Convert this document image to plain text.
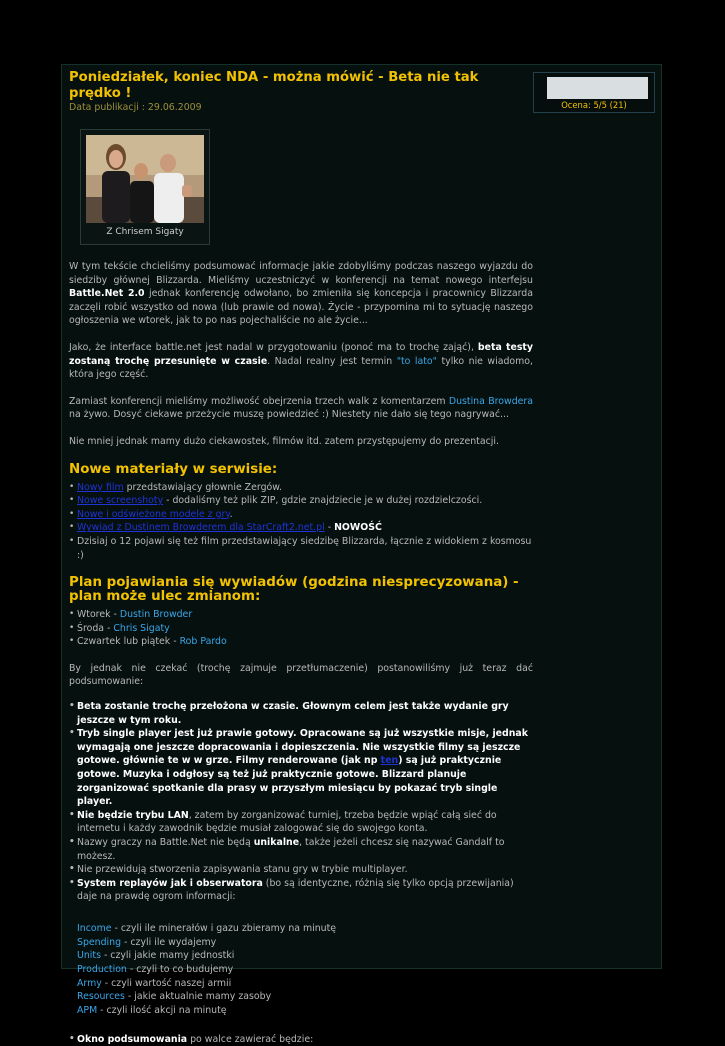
Ocena: 5/5 (21)
Poniedziałek, koniec NDA - można mówić - Beta nie tak prędko !

Data publikacji : 29.06.2009

Z Chrisem Sigaty

W tym tekście chcieliśmy podsumować informacje jakie zdobyliśmy podczas naszego wyjazdu do siedziby głównej Blizzarda. Mieliśmy uczestniczyć w konferencji na temat nowego interfejsu Battle.Net 2.0 jednak konferencję odwołano, bo zmieniła się koncepcja i pracownicy Blizzarda zaczęli robić wszystko od nowa (lub prawie od nowa). Życie - przypomina mi to sytuację naszego ogłoszenia we wtorek, jak to po nas pojechaliście no ale życie...

Jako, że interface battle.net jest nadal w przygotowaniu (ponoć ma to trochę zająć), beta testy zostaną trochę przesunięte w czasie. Nadal realny jest termin "to lato" tylko nie wiadomo, która jego część.

Zamiast konferencji mieliśmy możliwość obejrzenia trzech walk z komentarzem Dustina Browdera na żywo. Dosyć ciekawe przeżycie muszę powiedzieć :) Niestety nie dało się tego nagrywać...

Nie mniej jednak mamy dużo ciekawostek, filmów itd. zatem przystępujemy do prezentacji.

Nowe materiały w serwisie:
• Nowy film przedstawiający głownie Zergów.
• Nowe screenshoty - dodaliśmy też plik ZIP, gdzie znajdziecie je w dużej rozdzielczości.
• Nowe i odświeżone modele z gry.
• Wywiad z Dustinem Browderem dla StarCraft2.net.pl - NOWOŚĆ
• Dzisiaj o 12 pojawi się też film przedstawiający siedzibę Blizzarda, łącznie z widokiem z kosmosu :)
Plan pojawiania się wywiadów (godzina niesprecyzowana) - plan może ulec zmianom:
• Wtorek - Dustin Browder
• Środa - Chris Sigaty
• Czwartek lub piątek - Rob Pardo

By jednak nie czekać (trochę zajmuje przetłumaczenie) postanowiliśmy już teraz dać podsumowanie:

• Beta zostanie trochę przełożona w czasie. Głownym celem jest także wydanie gry jeszcze w tym roku.
• Tryb single player jest już prawie gotowy. Opracowane są już wszystkie misje, jednak wymagają one jeszcze dopracowania i dopieszczenia. Nie wszystkie filmy są jeszcze gotowe. głównie te w w grze. Filmy renderowane (jak np ten) są już praktycznie gotowe. Muzyka i odgłosy są też już praktycznie gotowe. Blizzard planuje zorganizować spotkanie dla prasy w przyszłym miesiącu by pokazać tryb single player.
• Nie będzie trybu LAN, zatem by zorganizować turniej, trzeba będzie wpiąć całą sieć do internetu i każdy zawodnik będzie musiał zalogować się do swojego konta.
• Nazwy graczy na Battle.Net nie będą unikalne, także jeżeli chcesz się nazywać Gandalf to możesz.
• Nie przewidują stworzenia zapisywania stanu gry w trybie multiplayer.
• System replayów jak i obserwatora (bo są identyczne, różnią się tylko opcją przewijania) daje na prawdę ogrom informacji:
Income - czyli ile minerałów i gazu zbieramy na minutę
Spending - czyli ile wydajemy
Units - czyli jakie mamy jednostki
Production - czyli to co budujemy
Army - czyli wartość naszej armii
Resources - jakie aktualnie mamy zasoby
APM - czyli ilość akcji na minutę
• Okno podsumowania po walce zawierać będzie:
